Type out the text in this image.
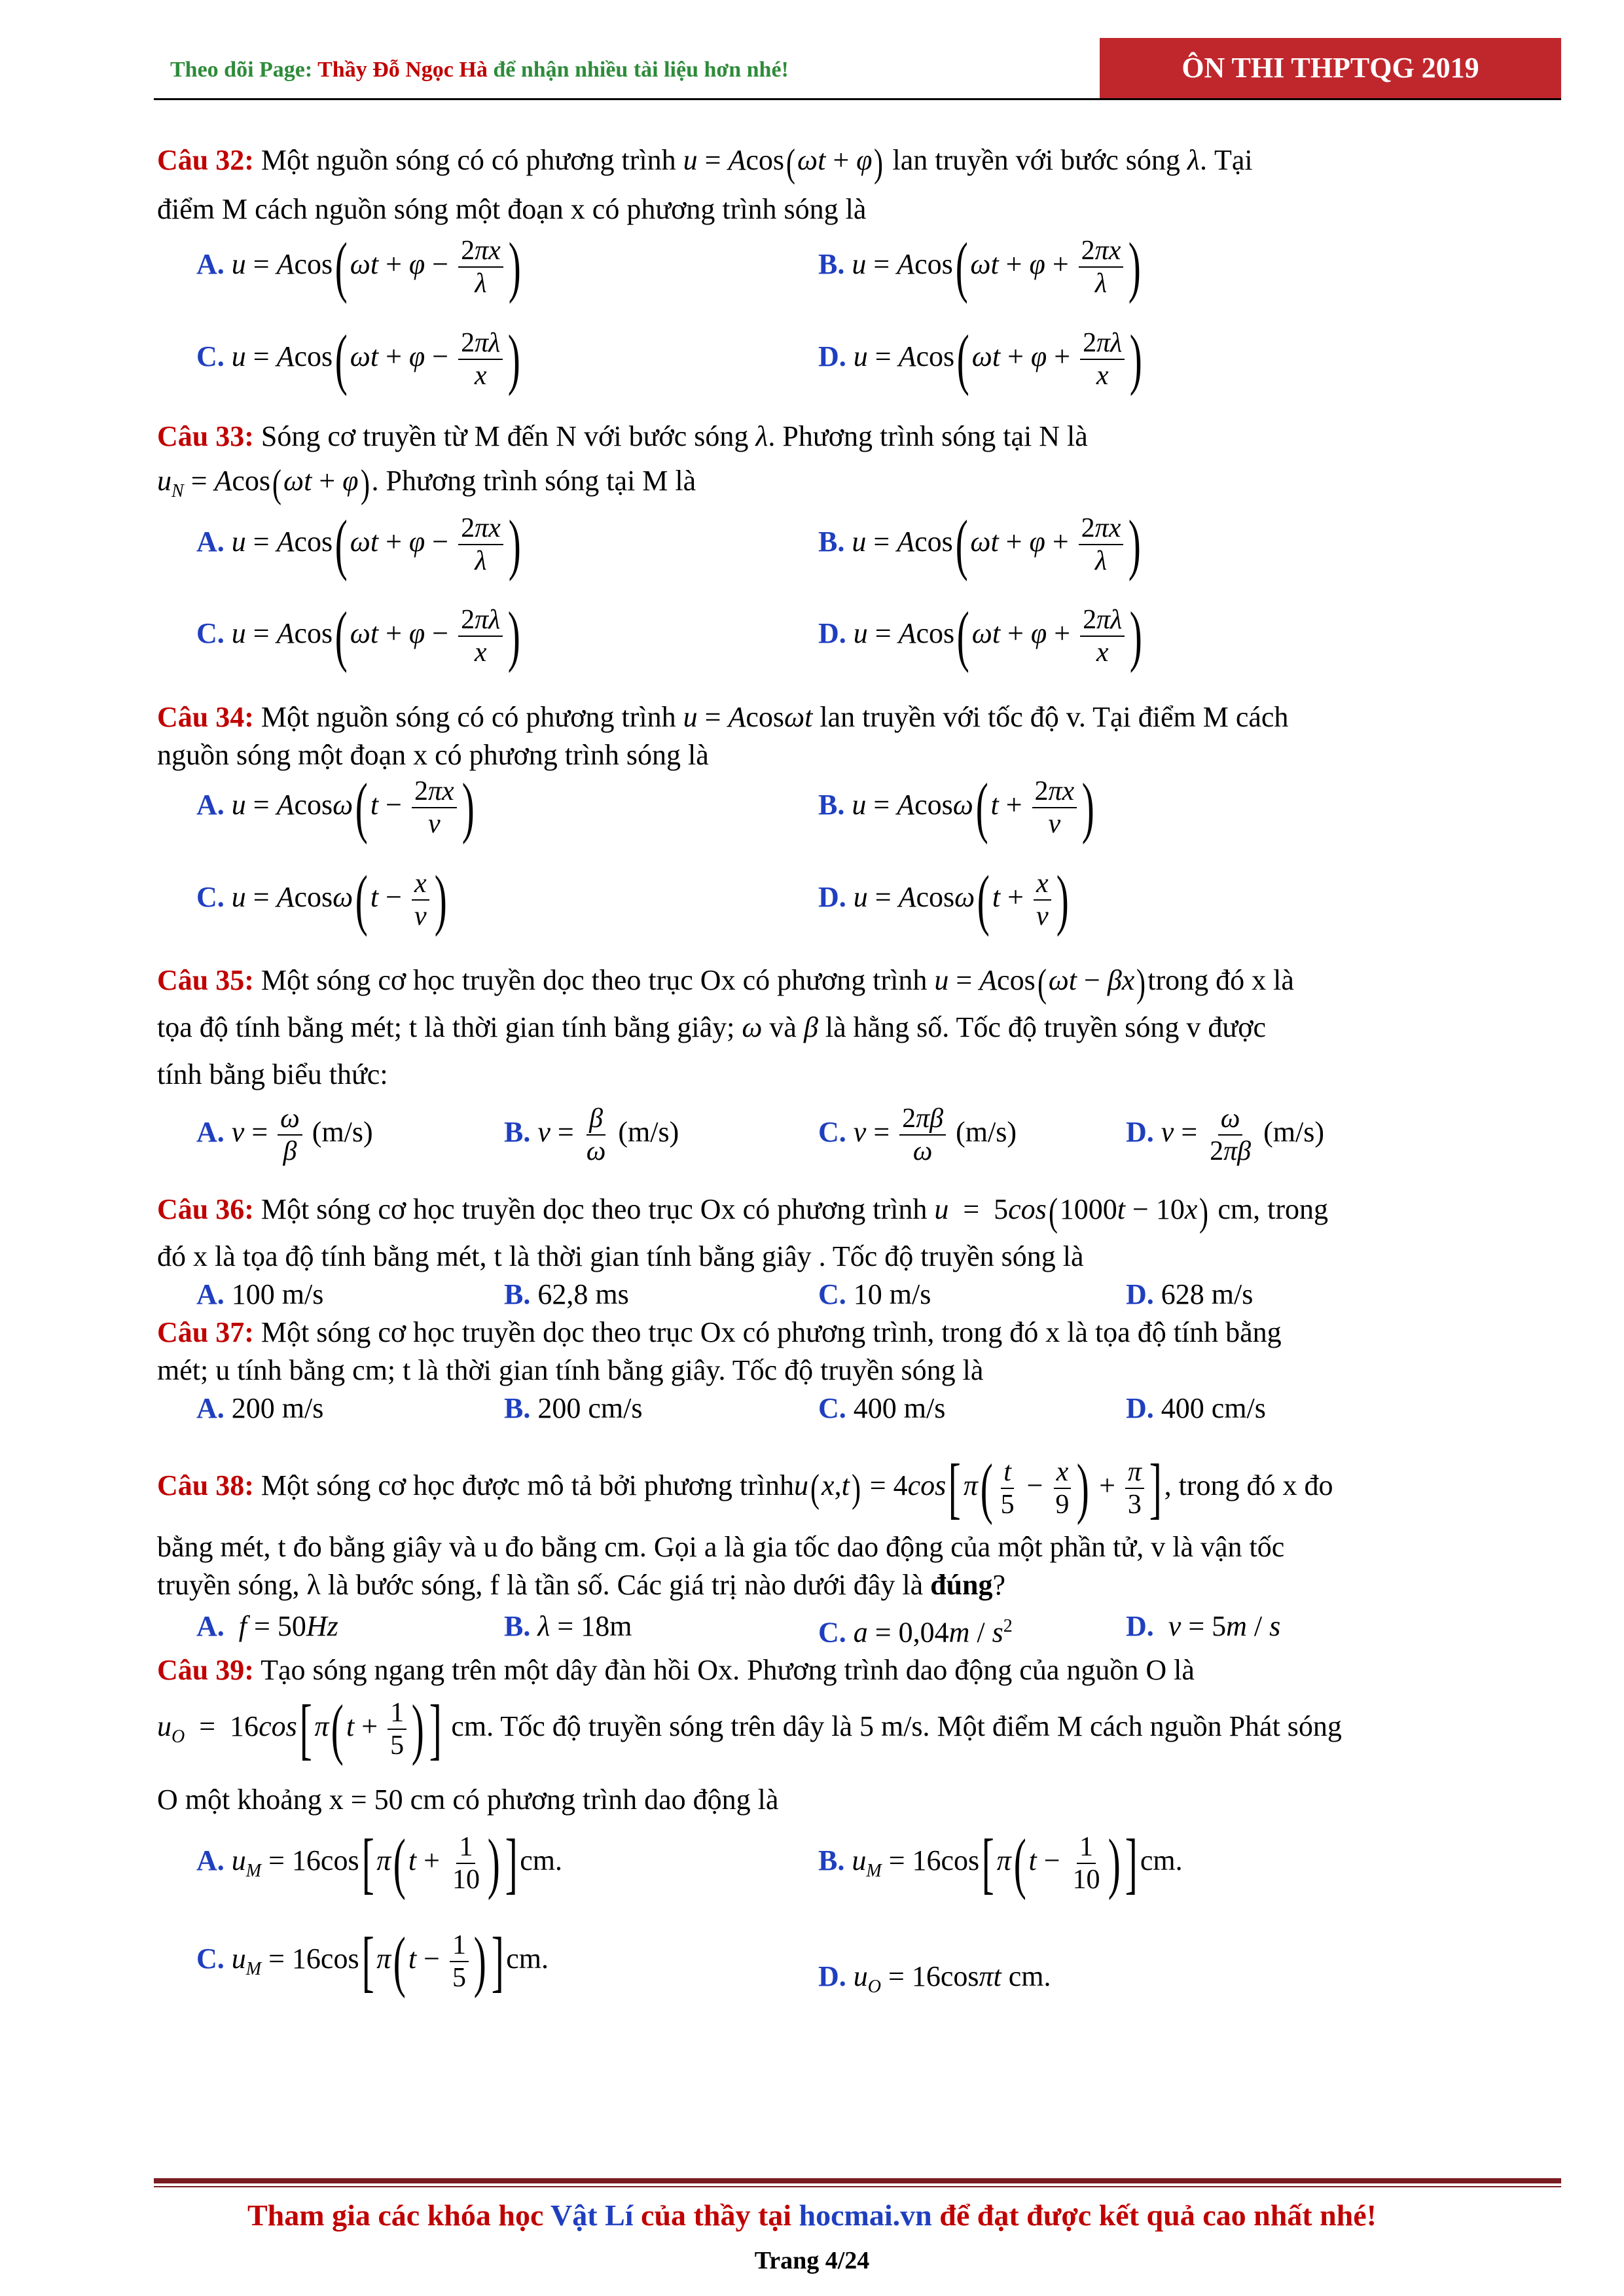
Theo dõi Page: Thầy Đỗ Ngọc Hà để nhận nhiều tài liệu hơn nhé!	ÔN THI THPTQG 2019
Câu 32: Một nguồn sóng có có phương trình u = Acos(ωt + φ) lan truyền với bước sóng λ. Tại
điểm M cách nguồn sóng một đoạn x có phương trình sóng là
A. $u = Acos(\omega t + \varphi - \frac{2\pi x}{\lambda}$ )	B. $u = Acos(\omega t + \varphi + \frac{2\pi x}{\lambda}$ )
C. $u = Acos(\omega t + \varphi - \frac{2\pi\lambda}{x}$ )	D. $u = Acos(\omega t + \varphi + \frac{2\pi\lambda}{x}$ )
Câu 33: Sóng cơ truyền từ M đến N với bước sóng λ. Phương trình sóng tại N là
$u_N = Acos(\omega t + \varphi)$. Phương trình sóng tại M là
A. $u = Acos(\omega t + \varphi - \frac{2\pi x}{\lambda}$ )	B. $u = Acos(\omega t + \varphi + \frac{2\pi x}{\lambda}$ )
C. $u = Acos(\omega t + \varphi - \frac{2\pi\lambda}{x}$ )	D. $u = Acos(\omega t + \varphi + \frac{2\pi\lambda}{x}$ )
Câu 34: Một nguồn sóng có có phương trình u = Acosωt lan truyền với tốc độ v. Tại điểm M cách
nguồn sóng một đoạn x có phương trình sóng là
A. $u = Acos\omega(t - \frac{2\pi x}{v}$ )	B. $u = Acos\omega(t + \frac{2\pi x}{v}$ )
C. $u = Acos\omega(t - \frac{x}{v}$ )	D. $u = Acos\omega(t + \frac{x}{v}$ )
Câu 35: Một sóng cơ học truyền dọc theo trục Ox có phương trình u = Acos(ωt − βx)trong đó x là
tọa độ tính bằng mét; t là thời gian tính bằng giây; ω và β là hằng số. Tốc độ truyền sóng v được
tính bằng biểu thức:
A. $v = \frac{\omega}{\beta} (m/s)$	B. $v = \frac{\beta}{\omega} (m/s)$	C. $v = \frac{2\pi\beta}{\omega} (m/s)$	D. $v = \frac{\omega}{2\pi\beta} (m/s)$
Câu 36: Một sóng cơ học truyền dọc theo trục Ox có phương trình u  =  5cos(1000t − 10x) cm, trong
đó x là tọa độ tính bằng mét, t là thời gian tính bằng giây . Tốc độ truyền sóng là
A. 100 m/s	B. 62,8 ms	C. 10 m/s	D. 628 m/s
Câu 37: Một sóng cơ học truyền dọc theo trục Ox có phương trình, trong đó x là tọa độ tính bằng
mét; u tính bằng cm; t là thời gian tính bằng giây. Tốc độ truyền sóng là
A. 200 m/s	B. 200 cm/s	C. 400 m/s	D. 400 cm/s
Câu 38: Một sóng cơ học được mô tả bởi phương trìnhu(x,t) = $4\cos[\pi( \frac{t}{5} - \frac{x}{9}$ ) + $\frac{\pi}{3}$ ], trong đó x đo
bằng mét, t đo bằng giây và u đo bằng cm. Gọi a là gia tốc dao động của một phần tử, v là vận tốc
truyền sóng, λ là bước sóng, f là tần số. Các giá trị nào dưới đây là đúng?
A. f = 50Hz	B. λ = 18m	C. $a = 0,04m / s^2$	D. v = 5m / s
Câu 39: Tạo sóng ngang trên một dây đàn hồi Ox. Phương trình dao động của nguồn O là
$u_O = 16\cos[\pi(t + \frac{1}{5}$ )] cm. Tốc độ truyền sóng trên dây là 5 m/s. Một điểm M cách nguồn Phát sóng
O một khoảng x = 50 cm có phương trình dao động là
A. $u_M = 16\cos[\pi(t + \frac{1}{10} )]cm$.	B. $u_M = 16\cos[\pi(t - \frac{1}{10} )]cm$.
C. $u_M = 16\cos[\pi(t - \frac{1}{5} )]cm$.
D. $u_O = 16\cos\pi t$ cm.
Tham gia các khóa học Vật Lí của thầy tại hocmai.vn để đạt được kết quả cao nhất nhé!
Trang 4/24
